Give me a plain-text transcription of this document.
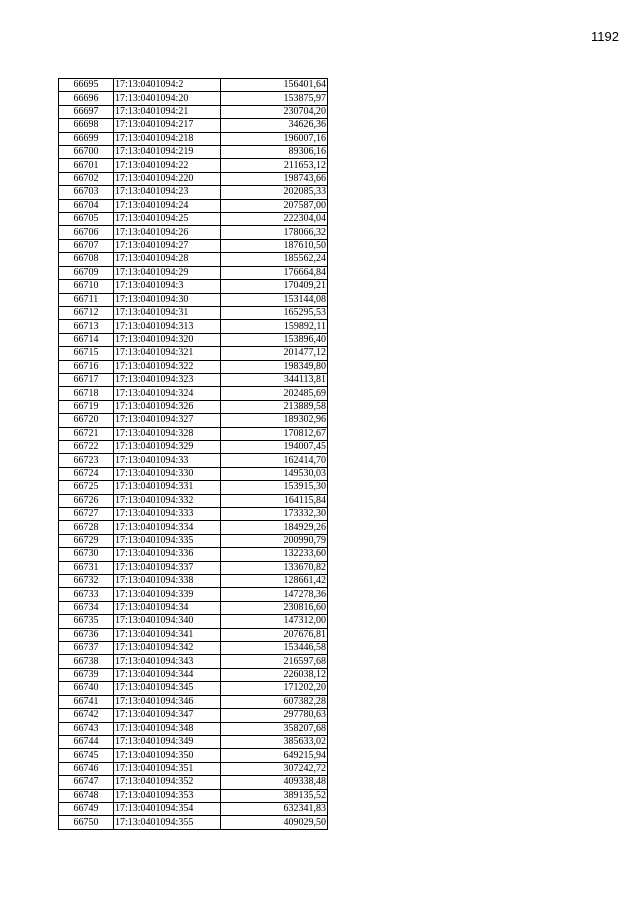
1192
66695	17:13:0401094:2	156401,64
66696	17:13:0401094:20	153875,97
66697	17:13:0401094:21	230704,20
66698	17:13:0401094:217	34626,36
66699	17:13:0401094:218	196007,16
66700	17:13:0401094:219	89306,16
66701	17:13:0401094:22	211653,12
66702	17:13:0401094:220	198743,66
66703	17:13:0401094:23	202085,33
66704	17:13:0401094:24	207587,00
66705	17:13:0401094:25	222304,04
66706	17:13:0401094:26	178066,32
66707	17:13:0401094:27	187610,50
66708	17:13:0401094:28	185562,24
66709	17:13:0401094:29	176664,84
66710	17:13:0401094:3	170409,21
66711	17:13:0401094:30	153144,08
66712	17:13:0401094:31	165295,53
66713	17:13:0401094:313	159892,11
66714	17:13:0401094:320	153896,40
66715	17:13:0401094:321	201477,12
66716	17:13:0401094:322	198349,80
66717	17:13:0401094:323	344113,81
66718	17:13:0401094:324	202485,69
66719	17:13:0401094:326	213889,58
66720	17:13:0401094:327	189302,96
66721	17:13:0401094:328	170812,67
66722	17:13:0401094:329	194007,45
66723	17:13:0401094:33	162414,70
66724	17:13:0401094:330	149530,03
66725	17:13:0401094:331	153915,30
66726	17:13:0401094:332	164115,84
66727	17:13:0401094:333	173332,30
66728	17:13:0401094:334	184929,26
66729	17:13:0401094:335	200990,79
66730	17:13:0401094:336	132233,60
66731	17:13:0401094:337	133670,82
66732	17:13:0401094:338	128661,42
66733	17:13:0401094:339	147278,36
66734	17:13:0401094:34	230816,60
66735	17:13:0401094:340	147312,00
66736	17:13:0401094:341	207676,81
66737	17:13:0401094:342	153446,58
66738	17:13:0401094:343	216597,68
66739	17:13:0401094:344	226038,12
66740	17:13:0401094:345	171202,20
66741	17:13:0401094:346	607382,28
66742	17:13:0401094:347	297780,63
66743	17:13:0401094:348	358207,68
66744	17:13:0401094:349	385633,02
66745	17:13:0401094:350	649215,94
66746	17:13:0401094:351	307242,72
66747	17:13:0401094:352	409338,48
66748	17:13:0401094:353	389135,52
66749	17:13:0401094:354	632341,83
66750	17:13:0401094:355	409029,50
